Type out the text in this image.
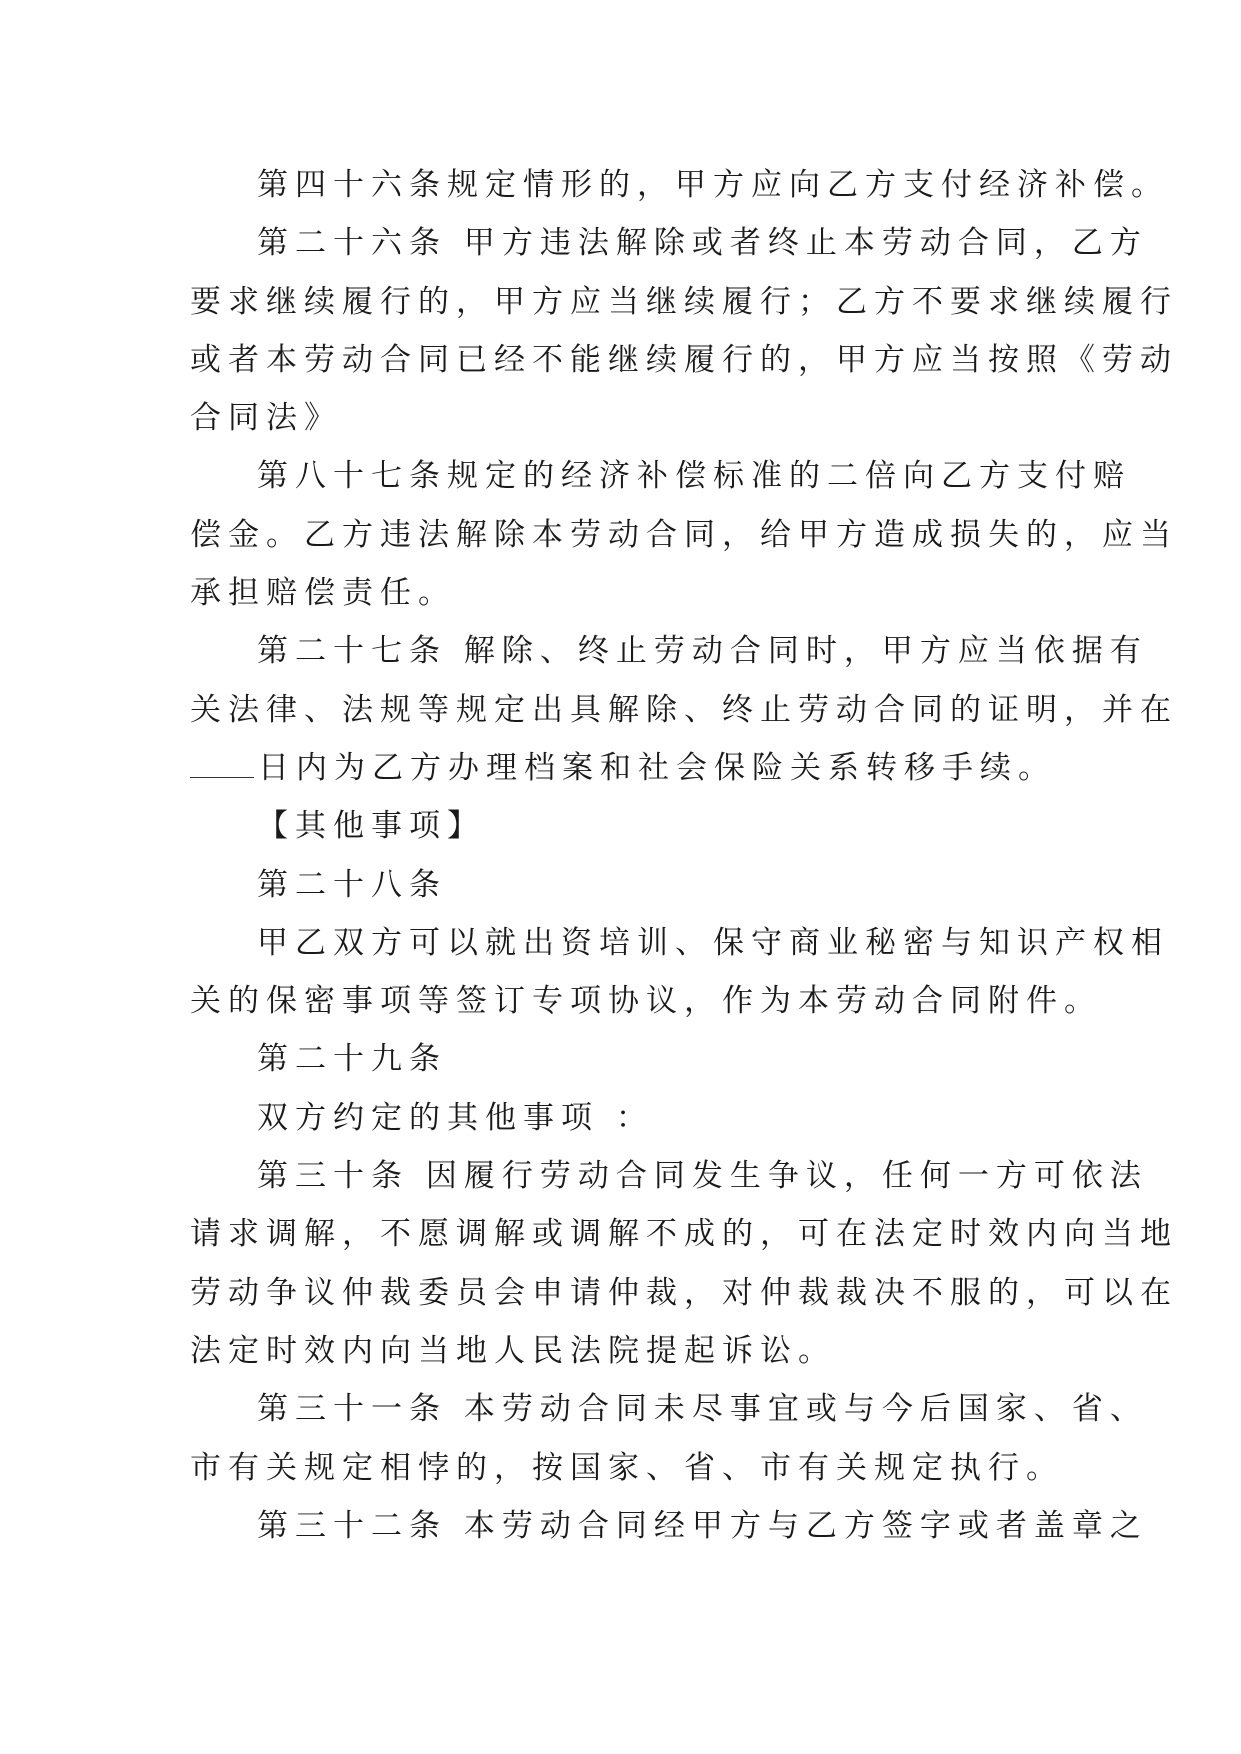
第四十六条规定情形的，甲方应向乙方支付经济补偿。
第二十六条 甲方违法解除或者终止本劳动合同，乙方
要求继续履行的，甲方应当继续履行；乙方不要求继续履行
或者本劳动合同已经不能继续履行的，甲方应当按照《劳动
合同法》
第八十七条规定的经济补偿标准的二倍向乙方支付赔
偿金。乙方违法解除本劳动合同，给甲方造成损失的，应当
承担赔偿责任。
第二十七条 解除、终止劳动合同时，甲方应当依据有
关法律、法规等规定出具解除、终止劳动合同的证明，并在
日内为乙方办理档案和社会保险关系转移手续。
【其他事项】
第二十八条
甲乙双方可以就出资培训、保守商业秘密与知识产权相
关的保密事项等签订专项协议，作为本劳动合同附件。
第二十九条
双方约定的其他事项 ：
第三十条 因履行劳动合同发生争议，任何一方可依法
请求调解，不愿调解或调解不成的，可在法定时效内向当地
劳动争议仲裁委员会申请仲裁，对仲裁裁决不服的，可以在
法定时效内向当地人民法院提起诉讼。
第三十一条 本劳动合同未尽事宜或与今后国家、省、
市有关规定相悖的，按国家、省、市有关规定执行。
第三十二条 本劳动合同经甲方与乙方签字或者盖章之
